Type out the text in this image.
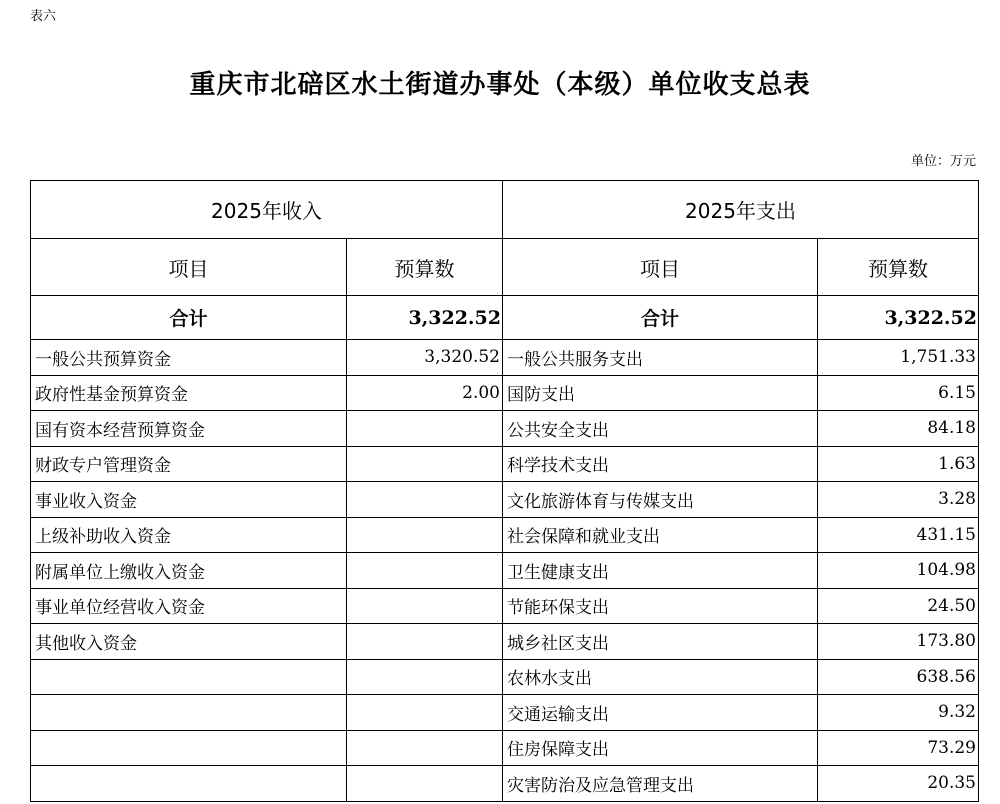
表六
重庆市北碚区水土街道办事处（本级）单位收支总表
单位：万元
2025年收入		2025年支出	
项目	预算数	项目	预算数
合计	3,322.52	合计	3,322.52
一般公共预算资金	3,320.52	一般公共服务支出	1,751.33
政府性基金预算资金	2.00	国防支出	6.15
国有资本经营预算资金		公共安全支出	84.18
财政专户管理资金		科学技术支出	1.63
事业收入资金		文化旅游体育与传媒支出	3.28
上级补助收入资金		社会保障和就业支出	431.15
附属单位上缴收入资金		卫生健康支出	104.98
事业单位经营收入资金		节能环保支出	24.50
其他收入资金		城乡社区支出	173.80
		农林水支出	638.56
		交通运输支出	9.32
		住房保障支出	73.29
		灾害防治及应急管理支出	20.35
